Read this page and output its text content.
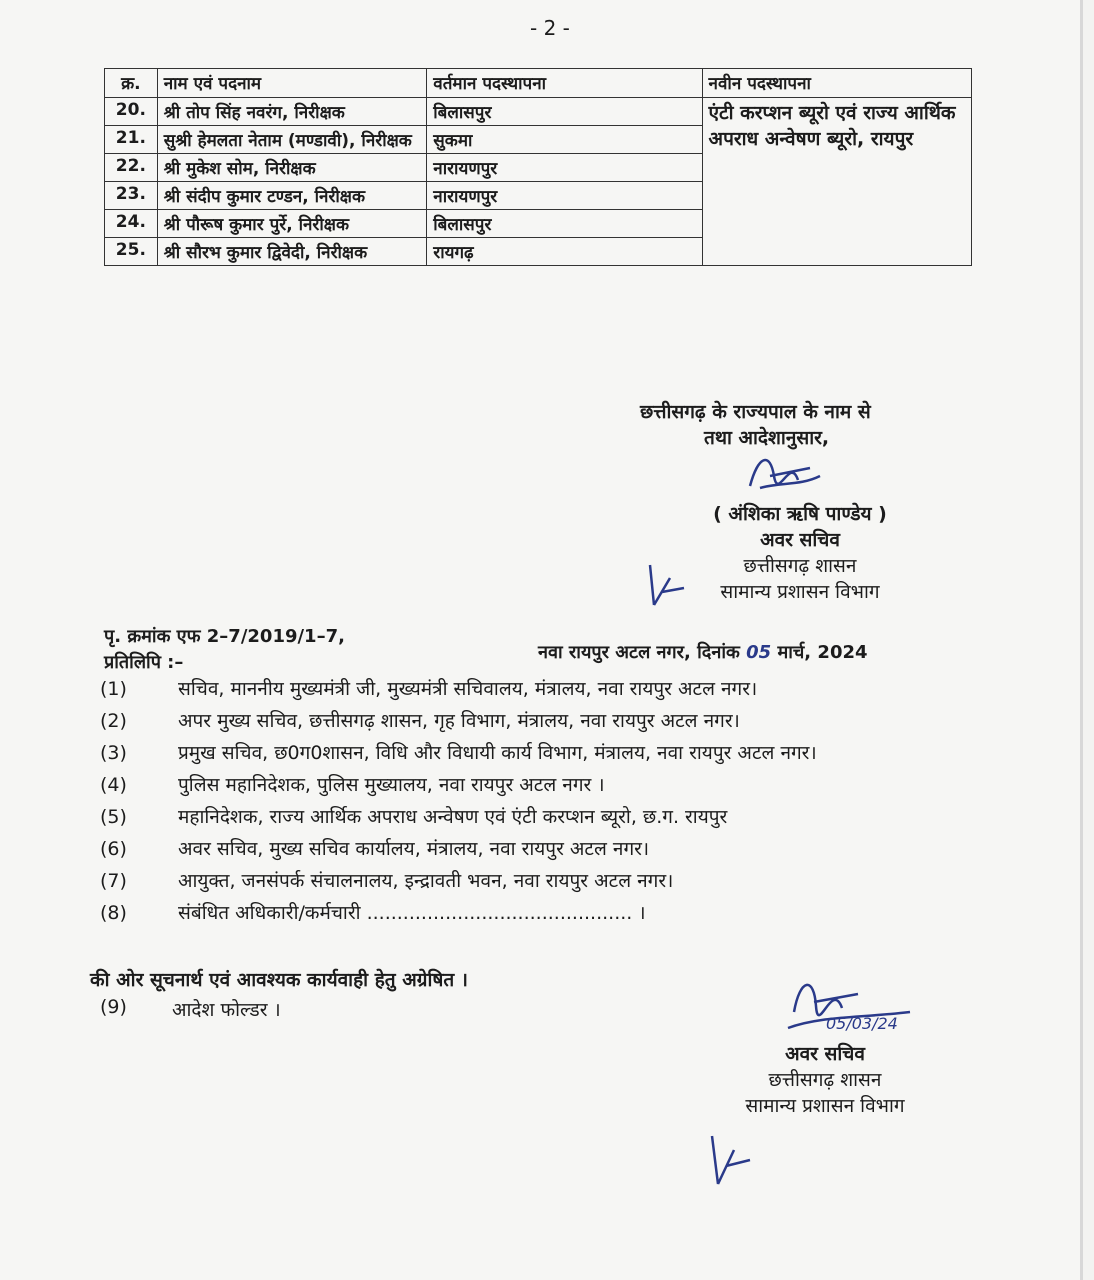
- 2 -
क्र.	नाम एवं पदनाम	वर्तमान पदस्थापना	नवीन पदस्थापना
20.	श्री तोप सिंह नवरंग, निरीक्षक	बिलासपुर	एंटी करप्शन ब्यूरो एवं राज्य आर्थिक अपराध अन्वेषण ब्यूरो, रायपुर
21.	सुश्री हेमलता नेताम (मण्डावी), निरीक्षक	सुकमा	
22.	श्री मुकेश सोम, निरीक्षक	नारायणपुर	
23.	श्री संदीप कुमार टण्डन, निरीक्षक	नारायणपुर	
24.	श्री पौरूष कुमार पुर्रे, निरीक्षक	बिलासपुर	
25.	श्री सौरभ कुमार द्विवेदी, निरीक्षक	रायगढ़	
छत्तीसगढ़ के राज्यपाल के नाम से
तथा आदेशानुसार,
( अंशिका ऋषि पाण्डेय )
अवर सचिव
छत्तीसगढ़ शासन
सामान्य प्रशासन विभाग
पृ. क्रमांक एफ 2–7/2019/1–7,
नवा रायपुर अटल नगर, दिनांक 05 मार्च, 2024
प्रतिलिपि :–
(1)	सचिव, माननीय मुख्यमंत्री जी, मुख्यमंत्री सचिवालय, मंत्रालय, नवा रायपुर अटल नगर।
(2)	अपर मुख्य सचिव, छत्तीसगढ़ शासन, गृह विभाग, मंत्रालय, नवा रायपुर अटल नगर।
(3)	प्रमुख सचिव, छ0ग0शासन, विधि और विधायी कार्य विभाग, मंत्रालय, नवा रायपुर अटल नगर।
(4)	पुलिस महानिदेशक, पुलिस मुख्यालय, नवा रायपुर अटल नगर ।
(5)	महानिदेशक, राज्य आर्थिक अपराध अन्वेषण एवं एंटी करप्शन ब्यूरो, छ.ग. रायपुर
(6)	अवर सचिव, मुख्य सचिव कार्यालय, मंत्रालय, नवा रायपुर अटल नगर।
(7)	आयुक्त, जनसंपर्क संचालनालय, इन्द्रावती भवन, नवा रायपुर अटल नगर।
(8)	संबंधित अधिकारी/कर्मचारी ............................................ ।
की ओर सूचनार्थ एवं आवश्यक कार्यवाही हेतु अग्रेषित ।
(9)	आदेश फोल्डर ।
05/03/24
अवर सचिव
छत्तीसगढ़ शासन
सामान्य प्रशासन विभाग
